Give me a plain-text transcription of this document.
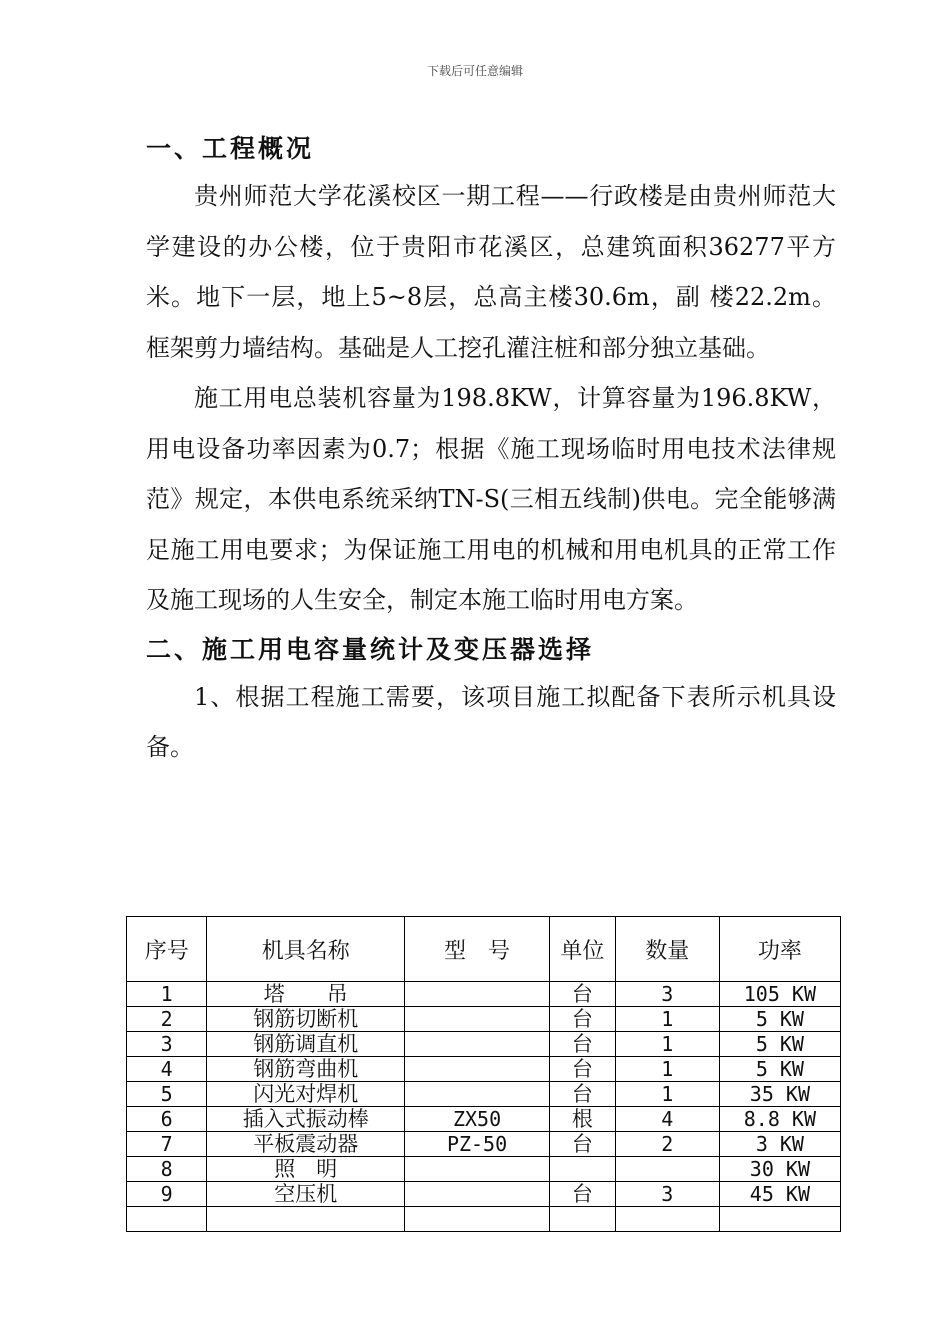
下载后可任意编辑
一、工程概况

贵州师范大学花溪校区一期工程——行政楼是由贵州师范大学建设的办公楼，位于贵阳市花溪区，总建筑面积36277平方米。地下一层，地上5~8层，总高主楼30.6m，副 楼22.2m。框架剪力墙结构。基础是人工挖孔灌注桩和部分独立基础。

施工用电总装机容量为198.8KW，计算容量为196.8KW，用电设备功率因素为0.7；根据《施工现场临时用电技术法律规范》规定，本供电系统采纳TN-S(三相五线制)供电。完全能够满足施工用电要求；为保证施工用电的机械和用电机具的正常工作及施工现场的人生安全，制定本施工临时用电方案。

二、施工用电容量统计及变压器选择

1、根据工程施工需要，该项目施工拟配备下表所示机具设备。

序号	机具名称	型　号	单位	数量	功率
1	塔　　吊		台	3	105 KW
2	钢筋切断机		台	1	5 KW
3	钢筋调直机		台	1	5 KW
4	钢筋弯曲机		台	1	5 KW
5	闪光对焊机		台	1	35 KW
6	插入式振动棒	ZX50	根	4	8.8 KW
7	平板震动器	PZ-50	台	2	3 KW
8	照　明				30 KW
9	空压机		台	3	45 KW
